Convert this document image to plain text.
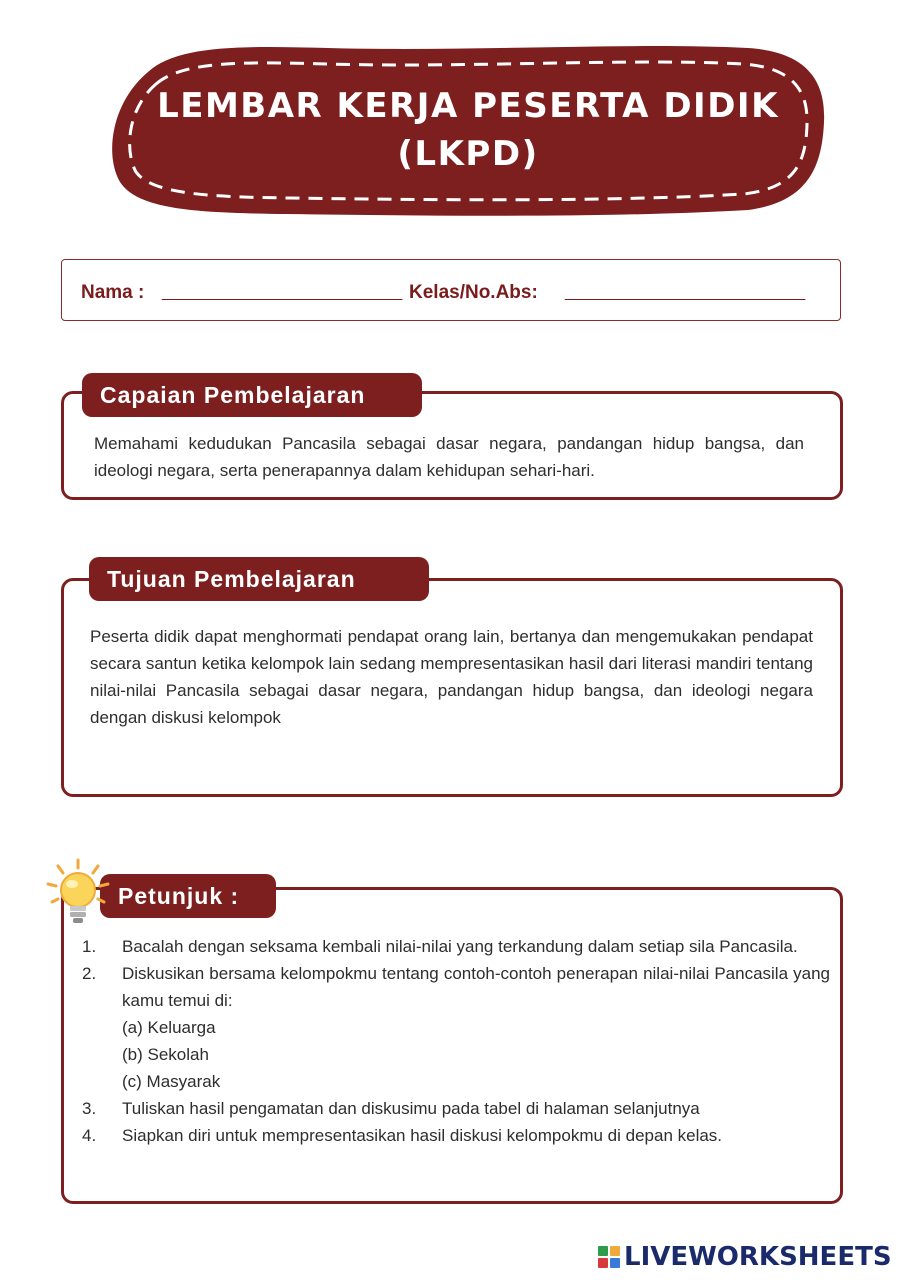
LEMBAR KERJA PESERTA DIDIK
(LKPD)
Nama : ___________________________ Kelas/No.Abs: ___________________________
Capaian Pembelajaran
Memahami kedudukan Pancasila sebagai dasar negara, pandangan hidup bangsa, dan ideologi negara, serta penerapannya dalam kehidupan sehari-hari.
Tujuan Pembelajaran
Peserta didik dapat menghormati pendapat orang lain, bertanya dan mengemukakan pendapat secara santun ketika kelompok lain sedang mempresentasikan hasil dari literasi mandiri tentang nilai-nilai Pancasila sebagai dasar negara, pandangan hidup bangsa, dan ideologi negara dengan diskusi kelompok
Petunjuk :
1.	Bacalah dengan seksama kembali nilai-nilai yang terkandung dalam setiap sila Pancasila.
2.	Diskusikan bersama kelompokmu tentang contoh-contoh penerapan nilai-nilai Pancasila yang kamu temui di:
(a) Keluarga
(b) Sekolah
(c) Masyarak
3.	Tuliskan hasil pengamatan dan diskusimu pada tabel di halaman selanjutnya
4.	Siapkan diri untuk mempresentasikan hasil diskusi kelompokmu di depan kelas.
LIVEWORKSHEETS
